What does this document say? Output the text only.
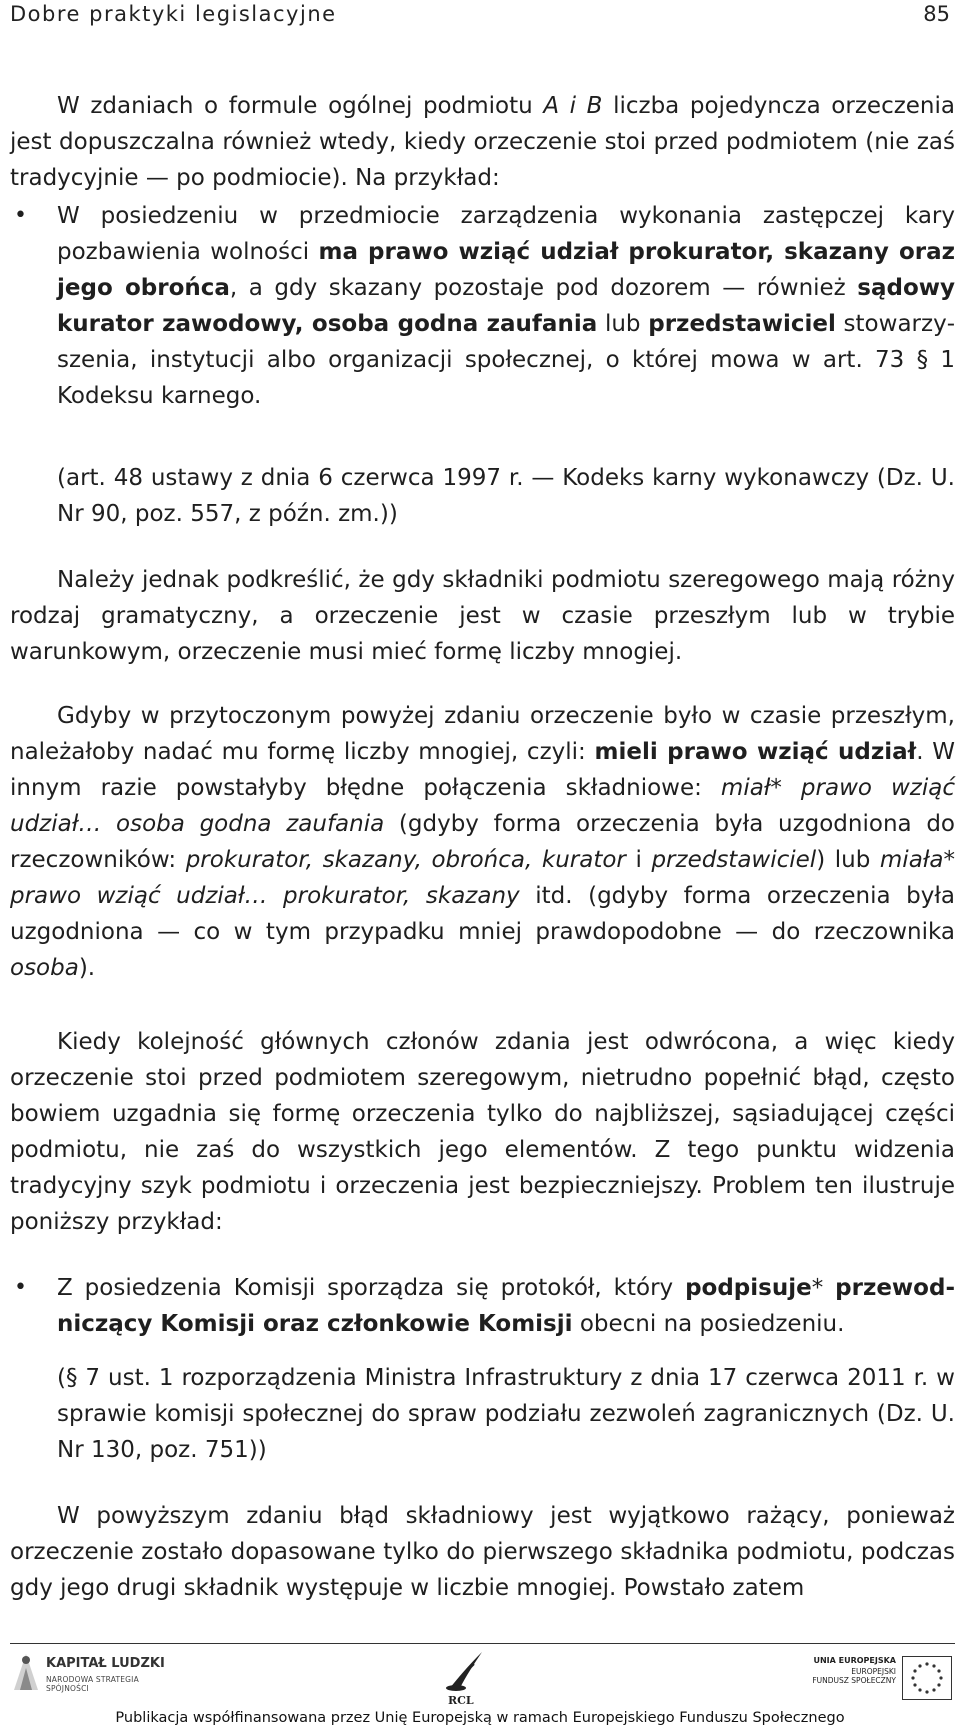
Dobre praktyki legislacyjne	85

W zdaniach o formule ogólnej podmiotu A i B liczba pojedyncza orzeczenia jest dopuszczalna również wtedy, kiedy orzeczenie stoi przed podmiotem (nie zaś tradycyjnie — po podmiocie). Na przykład:

• W posiedzeniu w przedmiocie zarządzenia wykonania zastępczej kary pozbawienia wolności ma prawo wziąć udział prokurator, skazany oraz jego obrońca, a gdy skazany pozostaje pod dozorem — również sądowy kurator zawodowy, osoba godna zaufania lub przedstawiciel stowarzyszenia, instytucji albo organizacji społecznej, o której mowa w art. 73 § 1 Kodeksu karnego.
(art. 48 ustawy z dnia 6 czerwca 1997 r. — Kodeks karny wykonawczy (Dz. U. Nr 90, poz. 557, z późn. zm.))

Należy jednak podkreślić, że gdy składniki podmiotu szeregowego mają różny rodzaj gramatyczny, a orzeczenie jest w czasie przeszłym lub w trybie warunkowym, orzeczenie musi mieć formę liczby mnogiej.

Gdyby w przytoczonym powyżej zdaniu orzeczenie było w czasie przeszłym, należałoby nadać mu formę liczby mnogiej, czyli: mieli prawo wziąć udział. W innym razie powstałyby błędne połączenia składniowe: miał* prawo wziąć udział… osoba godna zaufania (gdyby forma orzeczenia była uzgodniona do rzeczowników: prokurator, skazany, obrońca, kurator i przedstawiciel) lub miała* prawo wziąć udział… prokurator, skazany itd. (gdyby forma orzeczenia była uzgodniona — co w tym przypadku mniej prawdopodobne — do rzeczownika osoba).

Kiedy kolejność głównych członów zdania jest odwrócona, a więc kiedy orzeczenie stoi przed podmiotem szeregowym, nietrudno popełnić błąd, często bowiem uzgadnia się formę orzeczenia tylko do najbliższej, sąsiadującej części podmiotu, nie zaś do wszystkich jego elementów. Z tego punktu widzenia tradycyjny szyk podmiotu i orzeczenia jest bezpieczniejszy. Problem ten ilustruje poniższy przykład:

• Z posiedzenia Komisji sporządza się protokół, który podpisuje* przewodniczący Komisji oraz członkowie Komisji obecni na posiedzeniu.
(§ 7 ust. 1 rozporządzenia Ministra Infrastruktury z dnia 17 czerwca 2011 r. w sprawie komisji społecznej do spraw podziału zezwoleń zagranicznych (Dz. U. Nr 130, poz. 751))

W powyższym zdaniu błąd składniowy jest wyjątkowo rażący, ponieważ orzeczenie zostało dopasowane tylko do pierwszego składnika podmiotu, podczas gdy jego drugi składnik występuje w liczbie mnogiej. Powstało zatem

KAPITAŁ LUDZKI
NARODOWA STRATEGIA SPÓJNOŚCI
RCL
UNIA EUROPEJSKA
EUROPEJSKI
FUNDUSZ SPOŁECZNY
Publikacja współfinansowana przez Unię Europejską w ramach Europejskiego Funduszu Społecznego
